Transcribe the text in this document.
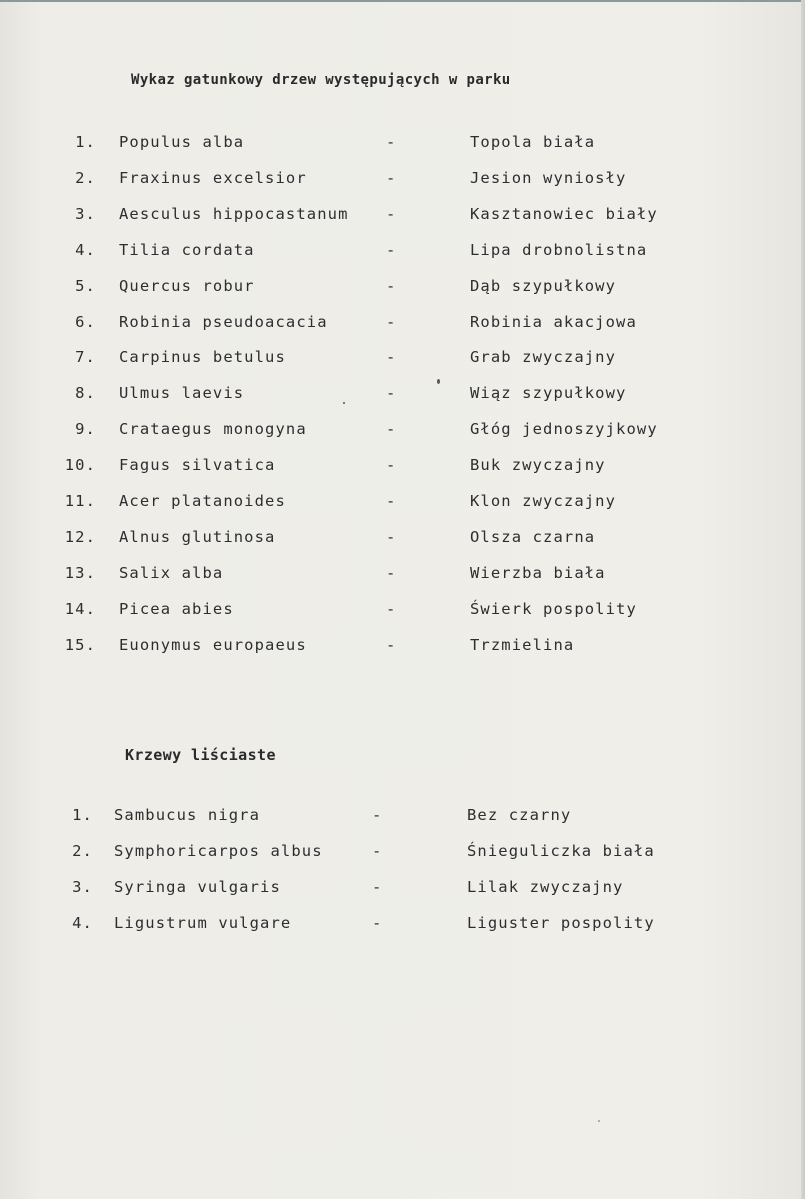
Wykaz gatunkowy drzew występujących w parku
1. Populus alba	-	Topola biała
2. Fraxinus excelsior	-	Jesion wyniosły
3. Aesculus hippocastanum -	Kasztanowiec biały
4. Tilia cordata	-	Lipa drobnolistna
5. Quercus robur	-	Dąb szypułkowy
6. Robinia pseudoacacia	-	Robinia akacjowa
7. Carpinus betulus	-	Grab zwyczajny
8. Ulmus laevis	-	Wiąz szypułkowy
9. Crataegus monogyna	-	Głóg jednoszyjkowy
10. Fagus silvatica	-	Buk zwyczajny
11. Acer platanoides	-	Klon zwyczajny
12. Alnus glutinosa	-	Olsza czarna
13. Salix alba	-	Wierzba biała
14. Picea abies	-	Świerk pospolity
15. Euonymus europaeus	-	Trzmielina
Krzewy liściaste
1. Sambucus nigra	-	Bez czarny
2. Symphoricarpos albus	-	Śnieguliczka biała
3. Syringa vulgaris	-	Lilak zwyczajny
4. Ligustrum vulgare	-	Liguster pospolity
